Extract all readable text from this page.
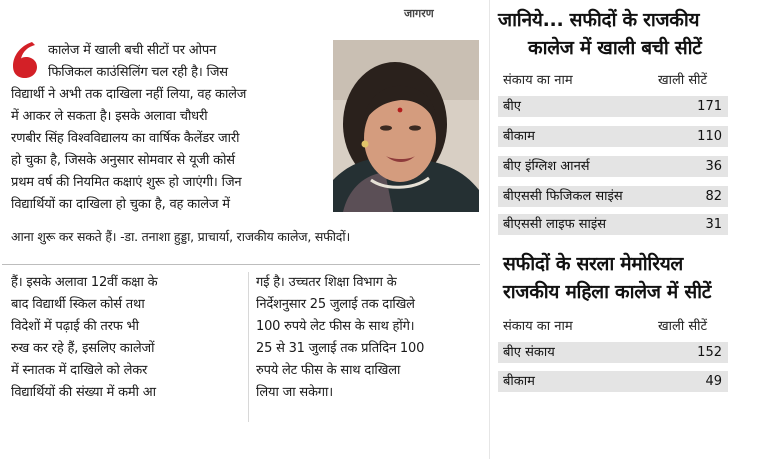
जागरण
कालेज में खाली बची सीटों पर ओपन
फिजिकल काउंसिलिंग चल रही है। जिस
विद्यार्थी ने अभी तक दाखिला नहीं लिया, वह कालेज
में आकर ले सकता है। इसके अलावा चौधरी
रणबीर सिंह विश्वविद्यालय का वार्षिक कैलेंडर जारी
हो चुका है, जिसके अनुसार सोमवार से यूजी कोर्स
प्रथम वर्ष की नियमित कक्षाएं शुरू हो जाएंगी। जिन
विद्यार्थियों का दाखिला हो चुका है, वह कालेज में
आना शुरू कर सकते हैं। -डा. तनाशा हुड्डा, प्राचार्या, राजकीय कालेज, सफीदों।
हैं। इसके अलावा 12वीं कक्षा के
बाद विद्यार्थी स्किल कोर्स तथा
विदेशों में पढ़ाई की तरफ भी
रुख कर रहे हैं, इसलिए कालेजों
में स्नातक में दाखिले को लेकर
विद्यार्थियों की संख्या में कमी आ
गई है। उच्चतर शिक्षा विभाग के
निर्देशनुसार 25 जुलाई तक दाखिले
100 रुपये लेट फीस के साथ होंगे।
25 से 31 जुलाई तक प्रतिदिन 100
रुपये लेट फीस के साथ दाखिला
लिया जा सकेगा।
जानिये... सफीदों के राजकीय
कालेज में खाली बची सीटें
संकाय का नाम	खाली सीटें
बीए	171
बीकाम	110
बीए इंग्लिश आनर्स	36
बीएससी फिजिकल साइंस	82
बीएससी लाइफ साइंस	31
सफीदों के सरला मेमोरियल
राजकीय महिला कालेज में सीटें
संकाय का नाम	खाली सीटें
बीए संकाय	152
बीकाम	49
